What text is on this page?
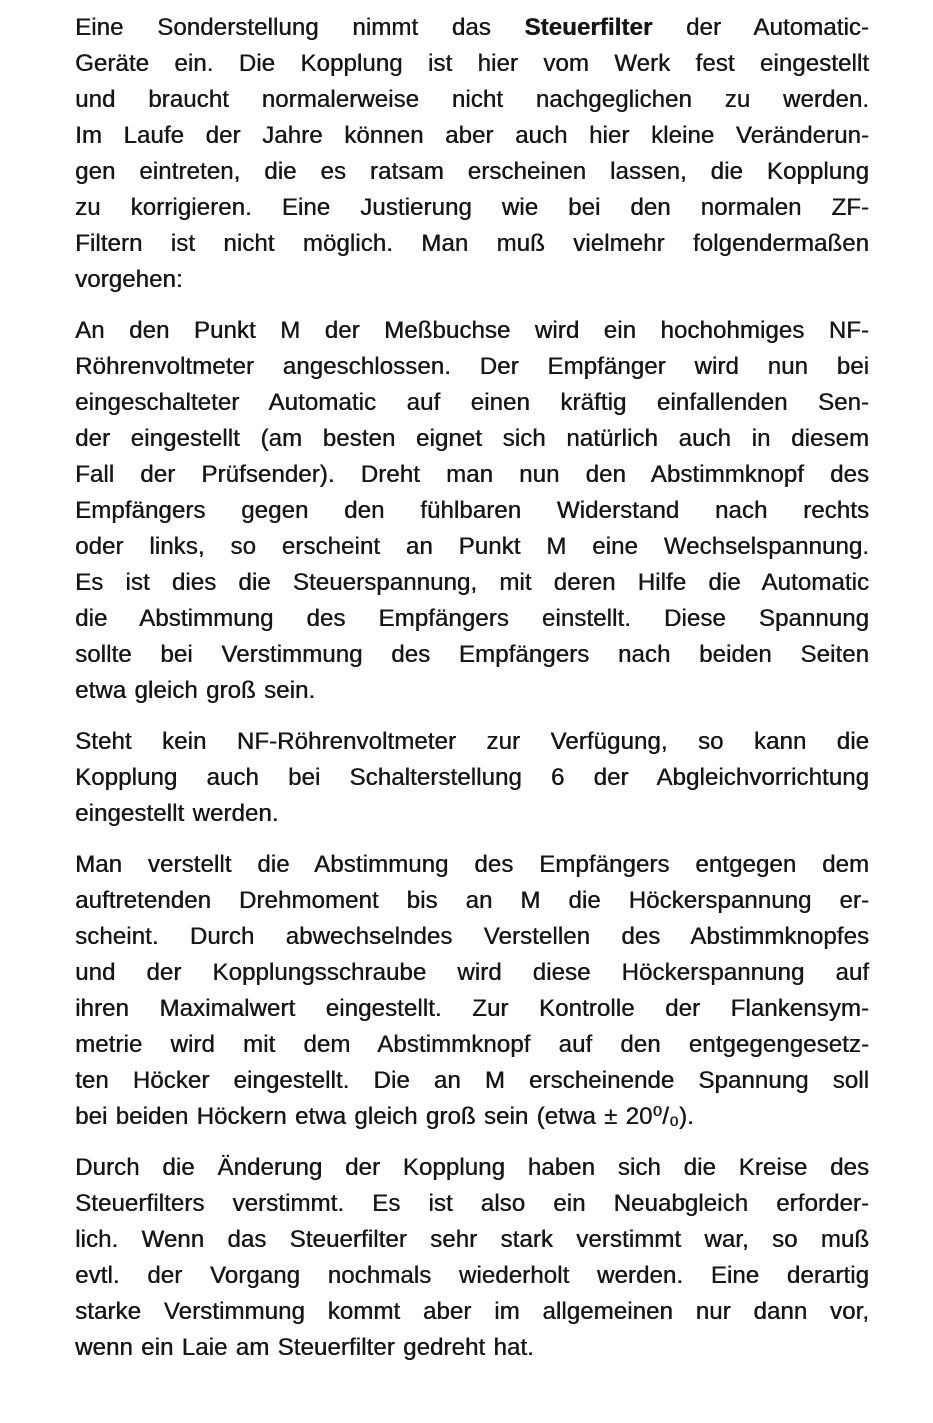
Eine Sonderstellung nimmt das Steuerfilter der Automatic-
Geräte ein. Die Kopplung ist hier vom Werk fest eingestellt
und braucht normalerweise nicht nachgeglichen zu werden.
Im Laufe der Jahre können aber auch hier kleine Veränderun-
gen eintreten, die es ratsam erscheinen lassen, die Kopplung
zu korrigieren. Eine Justierung wie bei den normalen ZF-
Filtern ist nicht möglich. Man muß vielmehr folgendermaßen
vorgehen:
An den Punkt M der Meßbuchse wird ein hochohmiges NF-
Röhrenvoltmeter angeschlossen. Der Empfänger wird nun bei
eingeschalteter Automatic auf einen kräftig einfallenden Sen-
der eingestellt (am besten eignet sich natürlich auch in diesem
Fall der Prüfsender). Dreht man nun den Abstimmknopf des
Empfängers gegen den fühlbaren Widerstand nach rechts
oder links, so erscheint an Punkt M eine Wechselspannung.
Es ist dies die Steuerspannung, mit deren Hilfe die Automatic
die Abstimmung des Empfängers einstellt. Diese Spannung
sollte bei Verstimmung des Empfängers nach beiden Seiten
etwa gleich groß sein.
Steht kein NF-Röhrenvoltmeter zur Verfügung, so kann die
Kopplung auch bei Schalterstellung 6 der Abgleichvorrichtung
eingestellt werden.
Man verstellt die Abstimmung des Empfängers entgegen dem
auftretenden Drehmoment bis an M die Höckerspannung er-
scheint. Durch abwechselndes Verstellen des Abstimmknopfes
und der Kopplungsschraube wird diese Höckerspannung auf
ihren Maximalwert eingestellt. Zur Kontrolle der Flankensym-
metrie wird mit dem Abstimmknopf auf den entgegengesetz-
ten Höcker eingestellt. Die an M erscheinende Spannung soll
bei beiden Höckern etwa gleich groß sein (etwa ± 20⁰/₀).
Durch die Änderung der Kopplung haben sich die Kreise des
Steuerfilters verstimmt. Es ist also ein Neuabgleich erforder-
lich. Wenn das Steuerfilter sehr stark verstimmt war, so muß
evtl. der Vorgang nochmals wiederholt werden. Eine derartig
starke Verstimmung kommt aber im allgemeinen nur dann vor,
wenn ein Laie am Steuerfilter gedreht hat.
